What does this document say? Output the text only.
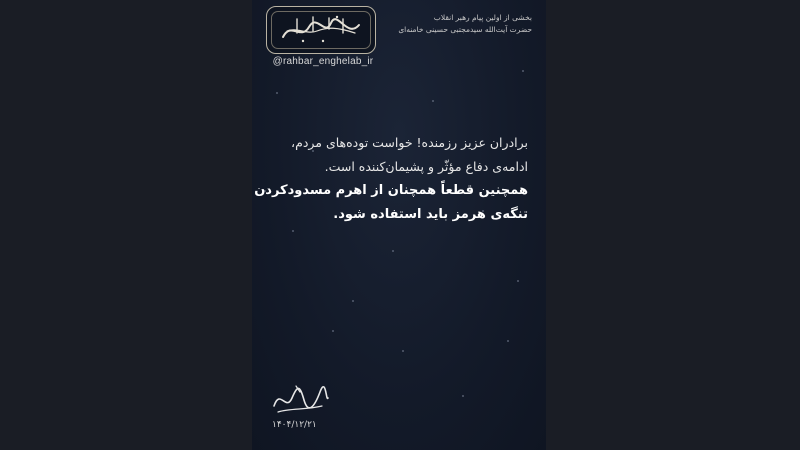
@rahbar_enghelab_ir
بخشی از اولین پیام رهبر انقلاب
حضرت آیت‌الله سیدمجتبی حسینی خامنه‌ای
برادران عزیز رزمنده! خواست توده‌های مردم،
ادامه‌ی دفاع مؤثّر و پشیمان‌کننده است.
همچنین قطعاً همچنان از اهرم مسدودکردن
تنگه‌ی هرمز باید استفاده شود.
۱۴۰۴/۱۲/۲۱
